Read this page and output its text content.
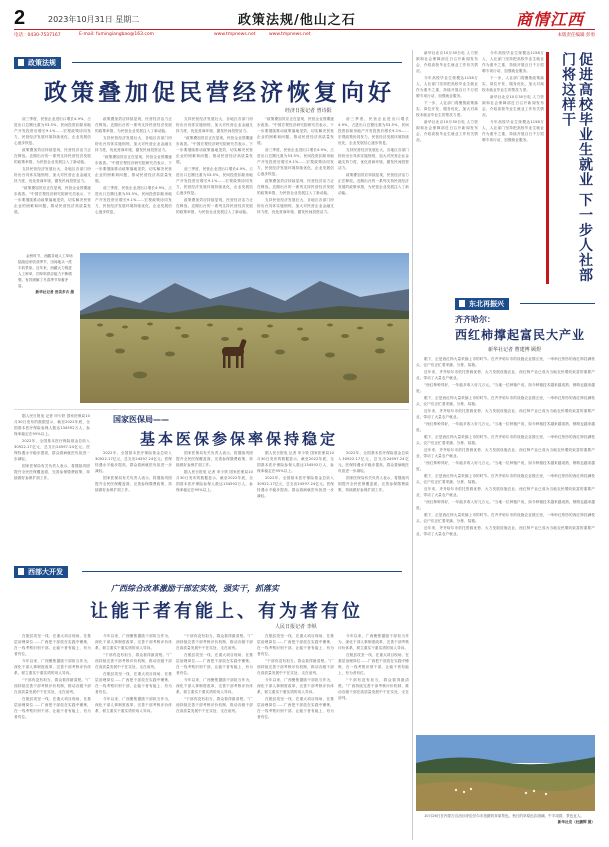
2	2023年10月31日 星期二	政策法规/他山之石	商情江西
电话：0430-7537167	E-mail: fumingiangbao@163.com	www.tmpnews.net	www.tmpnews.net	本版责任编辑 彭勇
政策法规
政策叠加促民营经济恢复向好
经济日报记者 曾诗阳

前三季度，民营企业进出口增长4.9%，占进出口总额比重为53.5%，民间投资扣除房地产开发投资后增长9.1%……宏观政策协同发力，民营经济发展环境持续优化，企业发展信心逐步恢复。

政策叠加效应持续显现，民营经济活力正在释放。近期出台的一系列支持民营经济发展的政策举措，为民营企业发展注入了新动能。

支持民营经济发展壮大，各地区各部门纷纷出台具体实施细则，加大对民营企业金融支持力度，优化营商环境，激发民间投资活力。

“政策叠加效应正在显现，民营企业预期逐步改善。”中国宏观经济研究院研究员表示，下一步要继续推动政策落地见效，切实解决民营企业的困难和问题，推动民营经济高质量发展。

政策叠加效应持续显现，民营经济活力正在释放。近期出台的一系列支持民营经济发展的政策举措，为民营企业发展注入了新动能。

支持民营经济发展壮大，各地区各部门纷纷出台具体实施细则，加大对民营企业金融支持力度，优化营商环境，激发民间投资活力。

“政策叠加效应正在显现，民营企业预期逐步改善。”中国宏观经济研究院研究员表示，下一步要继续推动政策落地见效，切实解决民营企业的困难和问题，推动民营经济高质量发展。

前三季度，民营企业进出口增长4.9%，占进出口总额比重为53.5%，民间投资扣除房地产开发投资后增长9.1%……宏观政策协同发力，民营经济发展环境持续优化，企业发展信心逐步恢复。

支持民营经济发展壮大，各地区各部门纷纷出台具体实施细则，加大对民营企业金融支持力度，优化营商环境，激发民间投资活力。

“政策叠加效应正在显现，民营企业预期逐步改善。”中国宏观经济研究院研究员表示，下一步要继续推动政策落地见效，切实解决民营企业的困难和问题，推动民营经济高质量发展。

前三季度，民营企业进出口增长4.9%，占进出口总额比重为53.5%，民间投资扣除房地产开发投资后增长9.1%……宏观政策协同发力，民营经济发展环境持续优化，企业发展信心逐步恢复。

政策叠加效应持续显现，民营经济活力正在释放。近期出台的一系列支持民营经济发展的政策举措，为民营企业发展注入了新动能。

“政策叠加效应正在显现，民营企业预期逐步改善。”中国宏观经济研究院研究员表示，下一步要继续推动政策落地见效，切实解决民营企业的困难和问题，推动民营经济高质量发展。

前三季度，民营企业进出口增长4.9%，占进出口总额比重为53.5%，民间投资扣除房地产开发投资后增长9.1%……宏观政策协同发力，民营经济发展环境持续优化，企业发展信心逐步恢复。

政策叠加效应持续显现，民营经济活力正在释放。近期出台的一系列支持民营经济发展的政策举措，为民营企业发展注入了新动能。

支持民营经济发展壮大，各地区各部门纷纷出台具体实施细则，加大对民营企业金融支持力度，优化营商环境，激发民间投资活力。

前三季度，民营企业进出口增长4.9%，占进出口总额比重为53.5%，民间投资扣除房地产开发投资后增长9.1%……宏观政策协同发力，民营经济发展环境持续优化，企业发展信心逐步恢复。

支持民营经济发展壮大，各地区各部门纷纷出台具体实施细则，加大对民营企业金融支持力度，优化营商环境，激发民间投资活力。

政策叠加效应持续显现，民营经济活力正在释放。近期出台的一系列支持民营经济发展的政策举措，为民营企业发展注入了新动能。

金秋时节，西藏各地人工草场陆续迎来收获季节，田间地头一派丰收景象。近年来，西藏大力推进人工种草，饲草料供应能力不断增强，有效缓解了冬春季节草畜矛盾。
新华社记者 晋美多吉 摄

据人民日报电 记者 申少铁 国家医保局10月30日发布的数据显示，截至2022年底，全国基本医疗保险参保人数达134592万人，参保率稳定在95%以上。

2022年，全国基本医疗保险基金总收入30922.17亿元，总支出24597.24亿元。医保待遇水平稳步提高，群众看病就医负担进一步减轻。

国家医保局有关负责人表示，将继续巩固提升全民医保覆盖面，完善参保缴费政策，持续做好参保扩面工作。

国家医保局——
基本医保参保率保持稳定

2022年，全国基本医疗保险基金总收入30922.17亿元，总支出24597.24亿元。医保待遇水平稳步提高，群众看病就医负担进一步减轻。

国家医保局有关负责人表示，将继续巩固提升全民医保覆盖面，完善参保缴费政策，持续做好参保扩面工作。

国家医保局有关负责人表示，将继续巩固提升全民医保覆盖面，完善参保缴费政策，持续做好参保扩面工作。

据人民日报电 记者 申少铁 国家医保局10月30日发布的数据显示，截至2022年底，全国基本医疗保险参保人数达134592万人，参保率稳定在95%以上。

据人民日报电 记者 申少铁 国家医保局10月30日发布的数据显示，截至2022年底，全国基本医疗保险参保人数达134592万人，参保率稳定在95%以上。

2022年，全国基本医疗保险基金总收入30922.17亿元，总支出24597.24亿元。医保待遇水平稳步提高，群众看病就医负担进一步减轻。

2022年，全国基本医疗保险基金总收入30922.17亿元，总支出24597.24亿元。医保待遇水平稳步提高，群众看病就医负担进一步减轻。

国家医保局有关负责人表示，将继续巩固提升全民医保覆盖面，完善参保缴费政策，持续做好参保扩面工作。

西部大开发
广西综合改革激励干部宏实效，强实干，抓落实
让能干者有能上、有为者有位
人民日报记者 李纵

在脱贫攻坚一线、在重大项目现场、在基层治理岗位……广西把干部放在实践中锤炼，在一线考察识别干部，让能干者有能上、有为者有位。

今年以来，广西聚焦激励干部担当作为，深化干部人事制度改革，完善干部考核评价体系，树立重实干重实绩的用人导向。

“干部有没有担当，群众看得最清楚。”广西持续完善干部考核评价机制，推动各级干部在高质量发展中干在实处、走在前列。

在脱贫攻坚一线、在重大项目现场、在基层治理岗位……广西把干部放在实践中锤炼，在一线考察识别干部，让能干者有能上、有为者有位。

今年以来，广西聚焦激励干部担当作为，深化干部人事制度改革，完善干部考核评价体系，树立重实干重实绩的用人导向。

“干部有没有担当，群众看得最清楚。”广西持续完善干部考核评价机制，推动各级干部在高质量发展中干在实处、走在前列。

在脱贫攻坚一线、在重大项目现场、在基层治理岗位……广西把干部放在实践中锤炼，在一线考察识别干部，让能干者有能上、有为者有位。

今年以来，广西聚焦激励干部担当作为，深化干部人事制度改革，完善干部考核评价体系，树立重实干重实绩的用人导向。

“干部有没有担当，群众看得最清楚。”广西持续完善干部考核评价机制，推动各级干部在高质量发展中干在实处、走在前列。

在脱贫攻坚一线、在重大项目现场、在基层治理岗位……广西把干部放在实践中锤炼，在一线考察识别干部，让能干者有能上、有为者有位。

今年以来，广西聚焦激励干部担当作为，深化干部人事制度改革，完善干部考核评价体系，树立重实干重实绩的用人导向。

“干部有没有担当，群众看得最清楚。”广西持续完善干部考核评价机制，推动各级干部在高质量发展中干在实处、走在前列。

在脱贫攻坚一线、在重大项目现场、在基层治理岗位……广西把干部放在实践中锤炼，在一线考察识别干部，让能干者有能上、有为者有位。

“干部有没有担当，群众看得最清楚。”广西持续完善干部考核评价机制，推动各级干部在高质量发展中干在实处、走在前列。

今年以来，广西聚焦激励干部担当作为，深化干部人事制度改革，完善干部考核评价体系，树立重实干重实绩的用人导向。

在脱贫攻坚一线、在重大项目现场、在基层治理岗位……广西把干部放在实践中锤炼，在一线考察识别干部，让能干者有能上、有为者有位。

今年以来，广西聚焦激励干部担当作为，深化干部人事制度改革，完善干部考核评价体系，树立重实干重实绩的用人导向。

在脱贫攻坚一线、在重大项目现场、在基层治理岗位……广西把干部放在实践中锤炼，在一线考察识别干部，让能干者有能上、有为者有位。

“干部有没有担当，群众看得最清楚。”广西持续完善干部考核评价机制，推动各级干部在高质量发展中干在实处、走在前列。

新华社北京10月30日电 人力资源和社会保障部近日召开新闻发布会，介绍高校毕业生就业工作有关情况。

今年高校毕业生规模达1158万人，人社部门坚持把高校毕业生就业作为重中之重，持续开展百日千万招聘专项行动，加强就业服务。

下一步，人社部门将聚焦政策落实、岗位开发、服务优化，加大对离校未就业毕业生的帮扶力度。

新华社北京10月30日电 人力资源和社会保障部近日召开新闻发布会，介绍高校毕业生就业工作有关情况。

今年高校毕业生规模达1158万人，人社部门坚持把高校毕业生就业作为重中之重，持续开展百日千万招聘专项行动，加强就业服务。

下一步，人社部门将聚焦政策落实、岗位开发、服务优化，加大对离校未就业毕业生的帮扶力度。

新华社北京10月30日电 人力资源和社会保障部近日召开新闻发布会，介绍高校毕业生就业工作有关情况。

今年高校毕业生规模达1158万人，人社部门坚持把高校毕业生就业作为重中之重，持续开展百日千万招聘专项行动，加强就业服务。	促进高校毕业生就业 下一步人社部门将这样干
东北再振兴
齐齐哈尔：
西红柿撑起富民大产业
新华社记者 曹建博 顾煜

眼下，正是西红柿大量采摘上市的时节。在齐齐哈尔市的设施农业园区里，一串串红彤彤的西红柿挂满枝头，农户们正忙着采摘、分拣、装箱。

近年来，齐齐哈尔市依托资源优势，大力发展设施农业，西红柿产业已成为当地农民增收致富的重要产业，带动了大量农户就业。

“西红柿种得好，一年能多收入好几万元。”当地一位种植户说，如今种植技术越来越成熟，销路也越来越宽。

眼下，正是西红柿大量采摘上市的时节。在齐齐哈尔市的设施农业园区里，一串串红彤彤的西红柿挂满枝头，农户们正忙着采摘、分拣、装箱。

近年来，齐齐哈尔市依托资源优势，大力发展设施农业，西红柿产业已成为当地农民增收致富的重要产业，带动了大量农户就业。

“西红柿种得好，一年能多收入好几万元。”当地一位种植户说，如今种植技术越来越成熟，销路也越来越宽。

眼下，正是西红柿大量采摘上市的时节。在齐齐哈尔市的设施农业园区里，一串串红彤彤的西红柿挂满枝头，农户们正忙着采摘、分拣、装箱。

近年来，齐齐哈尔市依托资源优势，大力发展设施农业，西红柿产业已成为当地农民增收致富的重要产业，带动了大量农户就业。

“西红柿种得好，一年能多收入好几万元。”当地一位种植户说，如今种植技术越来越成熟，销路也越来越宽。

眼下，正是西红柿大量采摘上市的时节。在齐齐哈尔市的设施农业园区里，一串串红彤彤的西红柿挂满枝头，农户们正忙着采摘、分拣、装箱。

近年来，齐齐哈尔市依托资源优势，大力发展设施农业，西红柿产业已成为当地农民增收致富的重要产业，带动了大量农户就业。

“西红柿种得好，一年能多收入好几万元。”当地一位种植户说，如今种植技术越来越成熟，销路也越来越宽。

眼下，正是西红柿大量采摘上市的时节。在齐齐哈尔市的设施农业园区里，一串串红彤彤的西红柿挂满枝头，农户们正忙着采摘、分拣、装箱。

近年来，齐齐哈尔市依托资源优势，大力发展设施农业，西红柿产业已成为当地农民增收致富的重要产业，带动了大量农户就业。

10月26日在内蒙古自治区呼伦贝尔市拍摄的草原景色。秋日的草原色彩斑斓，牛羊成群，景色宜人。
新华社发（杜鹏辉 摄）
